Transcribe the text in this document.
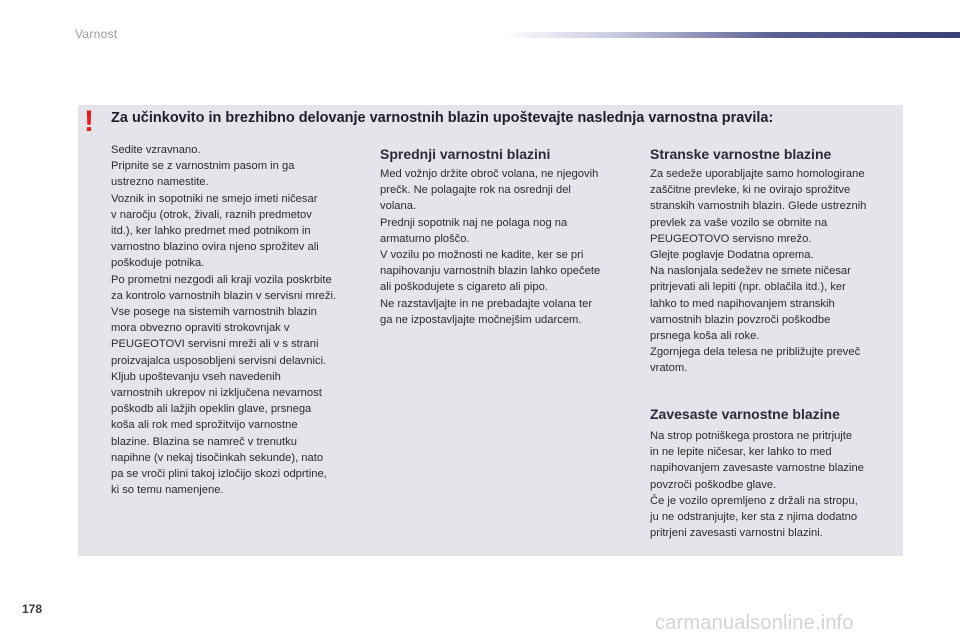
Varnost
! Za učinkovito in brezhibno delovanje varnostnih blazin upoštevajte naslednja varnostna pravila:

Sedite vzravnano.

Pripnite se z varnostnim pasom in ga

ustrezno namestite.

Voznik in sopotniki ne smejo imeti ničesar

v naročju (otrok, živali, raznih predmetov

itd.), ker lahko predmet med potnikom in

varnostno blazino ovira njeno sprožitev ali

poškoduje potnika.

Po prometni nezgodi ali kraji vozila poskrbite

za kontrolo varnostnih blazin v servisni mreži.

Vse posege na sistemih varnostnih blazin

mora obvezno opraviti strokovnjak v

PEUGEOTOVI servisni mreži ali v s strani

proizvajalca usposobljeni servisni delavnici.

Kljub upoštevanju vseh navedenih

varnostnih ukrepov ni izključena nevarnost

poškodb ali lažjih opeklin glave, prsnega

koša ali rok med sprožitvijo varnostne

blazine. Blazina se namreč v trenutku

napihne (v nekaj tisočinkah sekunde), nato

pa se vroči plini takoj izločijo skozi odprtine,

ki so temu namenjene.

Sprednji varnostni blazini

Med vožnjo držite obroč volana, ne njegovih

prečk. Ne polagajte rok na osrednji del

volana.

Prednji sopotnik naj ne polaga nog na

armaturno ploščo.

V vozilu po možnosti ne kadite, ker se pri

napihovanju varnostnih blazin lahko opečete

ali poškodujete s cigareto ali pipo.

Ne razstavljajte in ne prebadajte volana ter

ga ne izpostavljajte močnejšim udarcem.

Stranske varnostne blazine

Za sedeže uporabljajte samo homologirane

zaščitne prevleke, ki ne ovirajo sprožitve

stranskih varnostnih blazin. Glede ustreznih

prevlek za vaše vozilo se obrnite na

PEUGEOTOVO servisno mrežo.

Glejte poglavje Dodatna oprema.

Na naslonjala sedežev ne smete ničesar

pritrjevati ali lepiti (npr. oblačila itd.), ker

lahko to med napihovanjem stranskih

varnostnih blazin povzroči poškodbe

prsnega koša ali roke.

Zgornjega dela telesa ne približujte preveč

vratom.

Zavesaste varnostne blazine

Na strop potniškega prostora ne pritrjujte

in ne lepite ničesar, ker lahko to med

napihovanjem zavesaste varnostne blazine

povzroči poškodbe glave.

Če je vozilo opremljeno z držali na stropu,

ju ne odstranjujte, ker sta z njima dodatno

pritrjeni zavesasti varnostni blazini.

178
carmanualsonline.info
